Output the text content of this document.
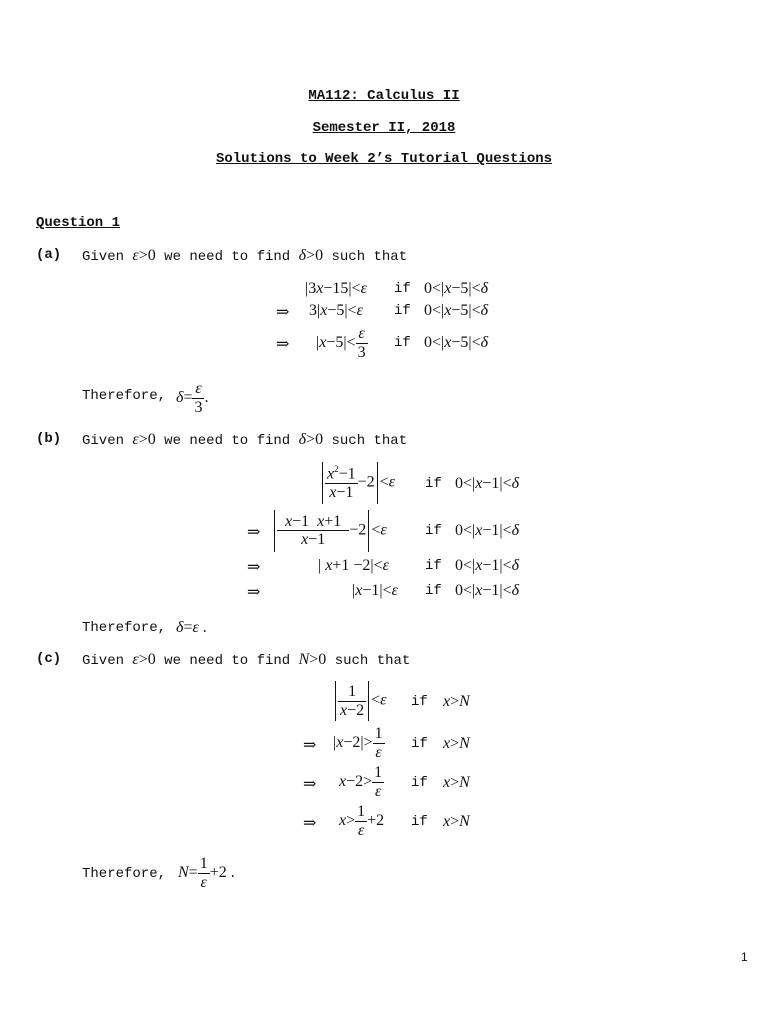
MA112: Calculus II
Semester II, 2018
Solutions to Week 2’s Tutorial Questions
Question 1
(a) Given ε>0 we need to find δ>0 such that
|3x−15|<ε if 0<|x−5|<δ
⇒ 3|x−5|<ε if 0<|x−5|<δ
⇒ $|x-5|< \frac{\varepsilon}{3}$ if 0<|x−5|<δ
Therefore, $\delta= \frac{\varepsilon}{3}$ .
(b) Given ε>0 we need to find δ>0 such that
$\frac{x^2-1}{x-1} -2 <\varepsilon$ if 0<|x−1|<δ
⇒ $\frac{x-1 x+1}{x-1} -2 <\varepsilon$	if 0<|x−1|<δ
⇒	| x+1 −2|<ε	if 0<|x−1|<δ
⇒	|x−1|<ε if 0<|x−1|<δ
Therefore, δ=ε .
(c) Given ε>0 we need to find N>0 such that
$\frac{1}{x-2} <\varepsilon$ if x>N
⇒ $|x-2|> \frac{1}{\varepsilon}$ if x>N
⇒ $x-2> \frac{1}{\varepsilon}$ if x>N
⇒ $x> \frac{1}{\varepsilon} +2$ if x>N
Therefore, $N= \frac{1}{\varepsilon} +2$ .
1
